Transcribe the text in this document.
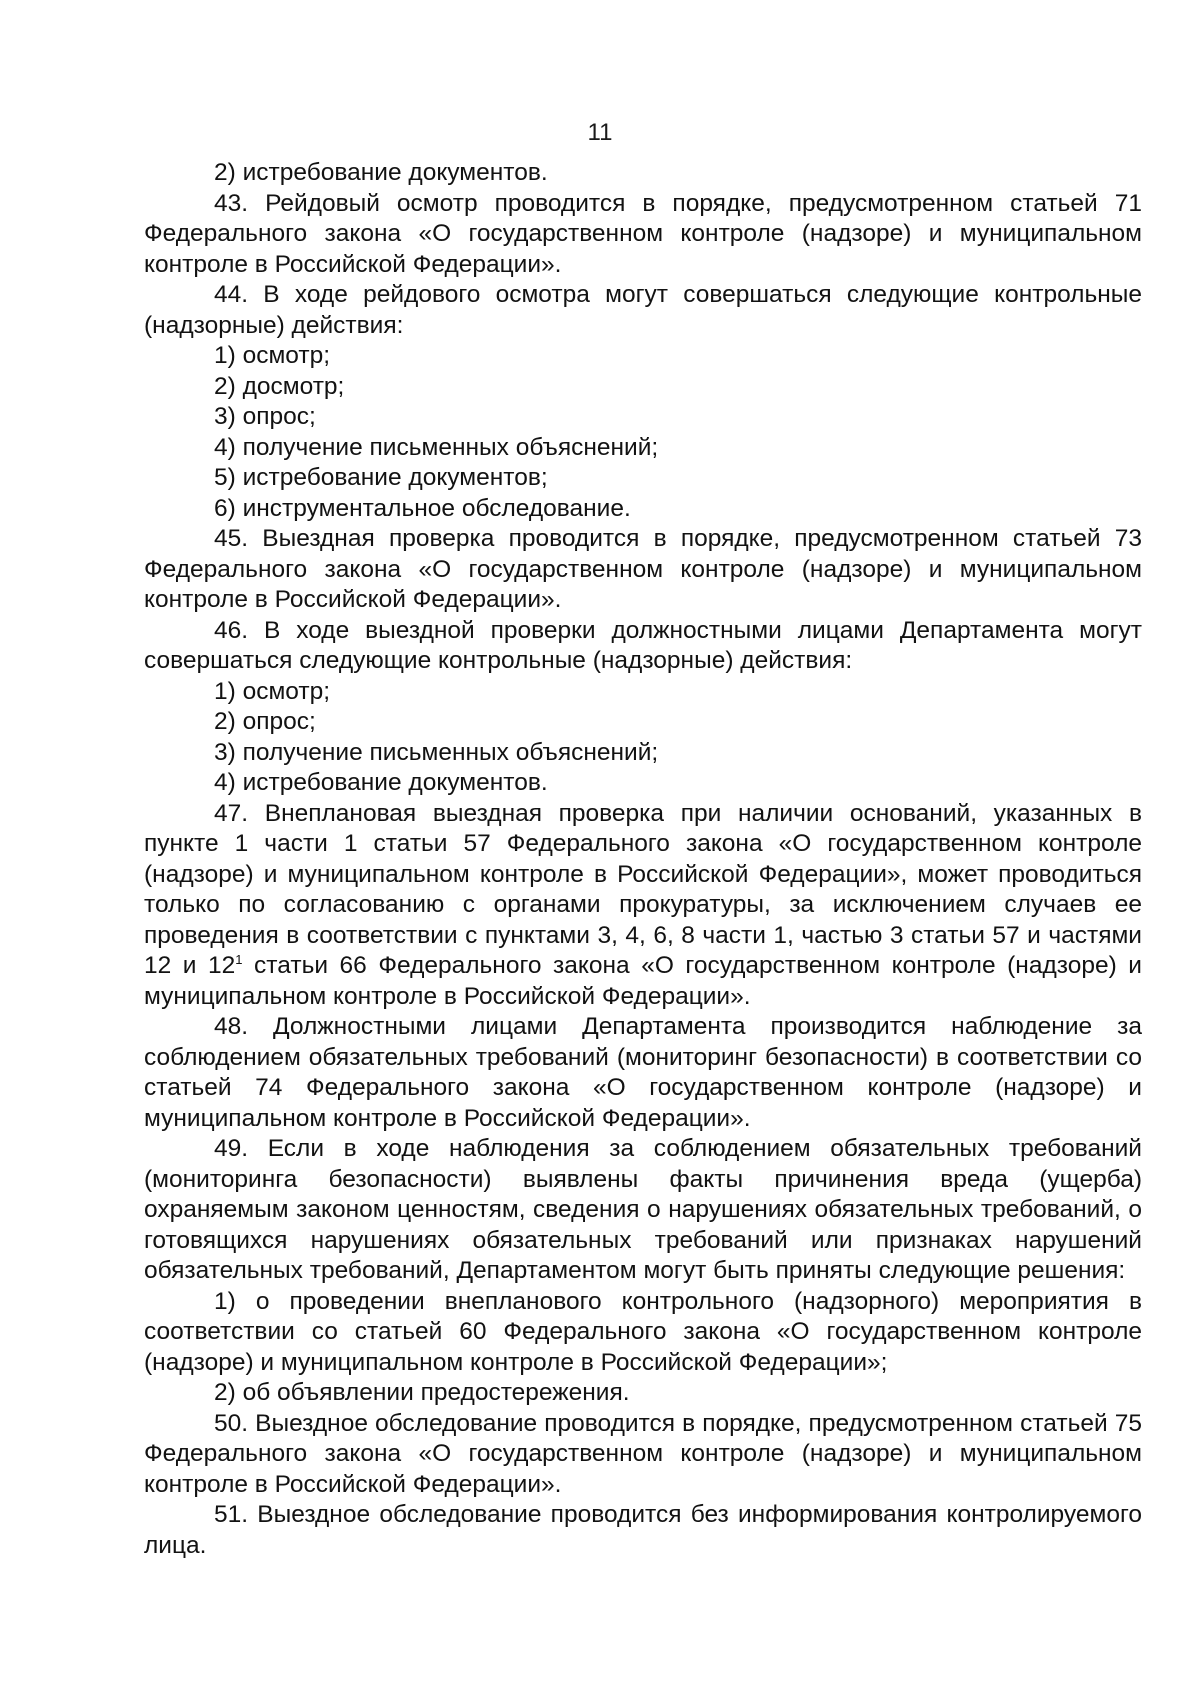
11

2) истребование документов.

43. Рейдовый осмотр проводится в порядке, предусмотренном статьей 71 Федерального закона «О государственном контроле (надзоре) и муниципальном контроле в Российской Федерации».

44. В ходе рейдового осмотра могут совершаться следующие контрольные (надзорные) действия:

1) осмотр;

2) досмотр;

3) опрос;

4) получение письменных объяснений;

5) истребование документов;

6) инструментальное обследование.

45. Выездная проверка проводится в порядке, предусмотренном статьей 73 Федерального закона «О государственном контроле (надзоре) и муниципальном контроле в Российской Федерации».

46. В ходе выездной проверки должностными лицами Департамента могут совершаться следующие контрольные (надзорные) действия:

1) осмотр;

2) опрос;

3) получение письменных объяснений;

4) истребование документов.

47. Внеплановая выездная проверка при наличии оснований, указанных в пункте 1 части 1 статьи 57 Федерального закона «О государственном контроле (надзоре) и муниципальном контроле в Российской Федерации», может проводиться только по согласованию с органами прокуратуры, за исключением случаев ее проведения в соответствии с пунктами 3, 4, 6, 8 части 1, частью 3 статьи 57 и частями 12 и $12^1$ статьи 66 Федерального закона «О государственном контроле (надзоре) и муниципальном контроле в Российской Федерации».

48. Должностными лицами Департамента производится наблюдение за соблюдением обязательных требований (мониторинг безопасности) в соответствии со статьей 74 Федерального закона «О государственном контроле (надзоре) и муниципальном контроле в Российской Федерации».

49. Если в ходе наблюдения за соблюдением обязательных требований (мониторинга безопасности) выявлены факты причинения вреда (ущерба) охраняемым законом ценностям, сведения о нарушениях обязательных требований, о готовящихся нарушениях обязательных требований или признаках нарушений обязательных требований, Департаментом могут быть приняты следующие решения:

1) о проведении внепланового контрольного (надзорного) мероприятия в соответствии со статьей 60 Федерального закона «О государственном контроле (надзоре) и муниципальном контроле в Российской Федерации»;

2) об объявлении предостережения.

50. Выездное обследование проводится в порядке, предусмотренном статьей 75 Федерального закона «О государственном контроле (надзоре) и муниципальном контроле в Российской Федерации».

51. Выездное обследование проводится без информирования контролируемого лица.
